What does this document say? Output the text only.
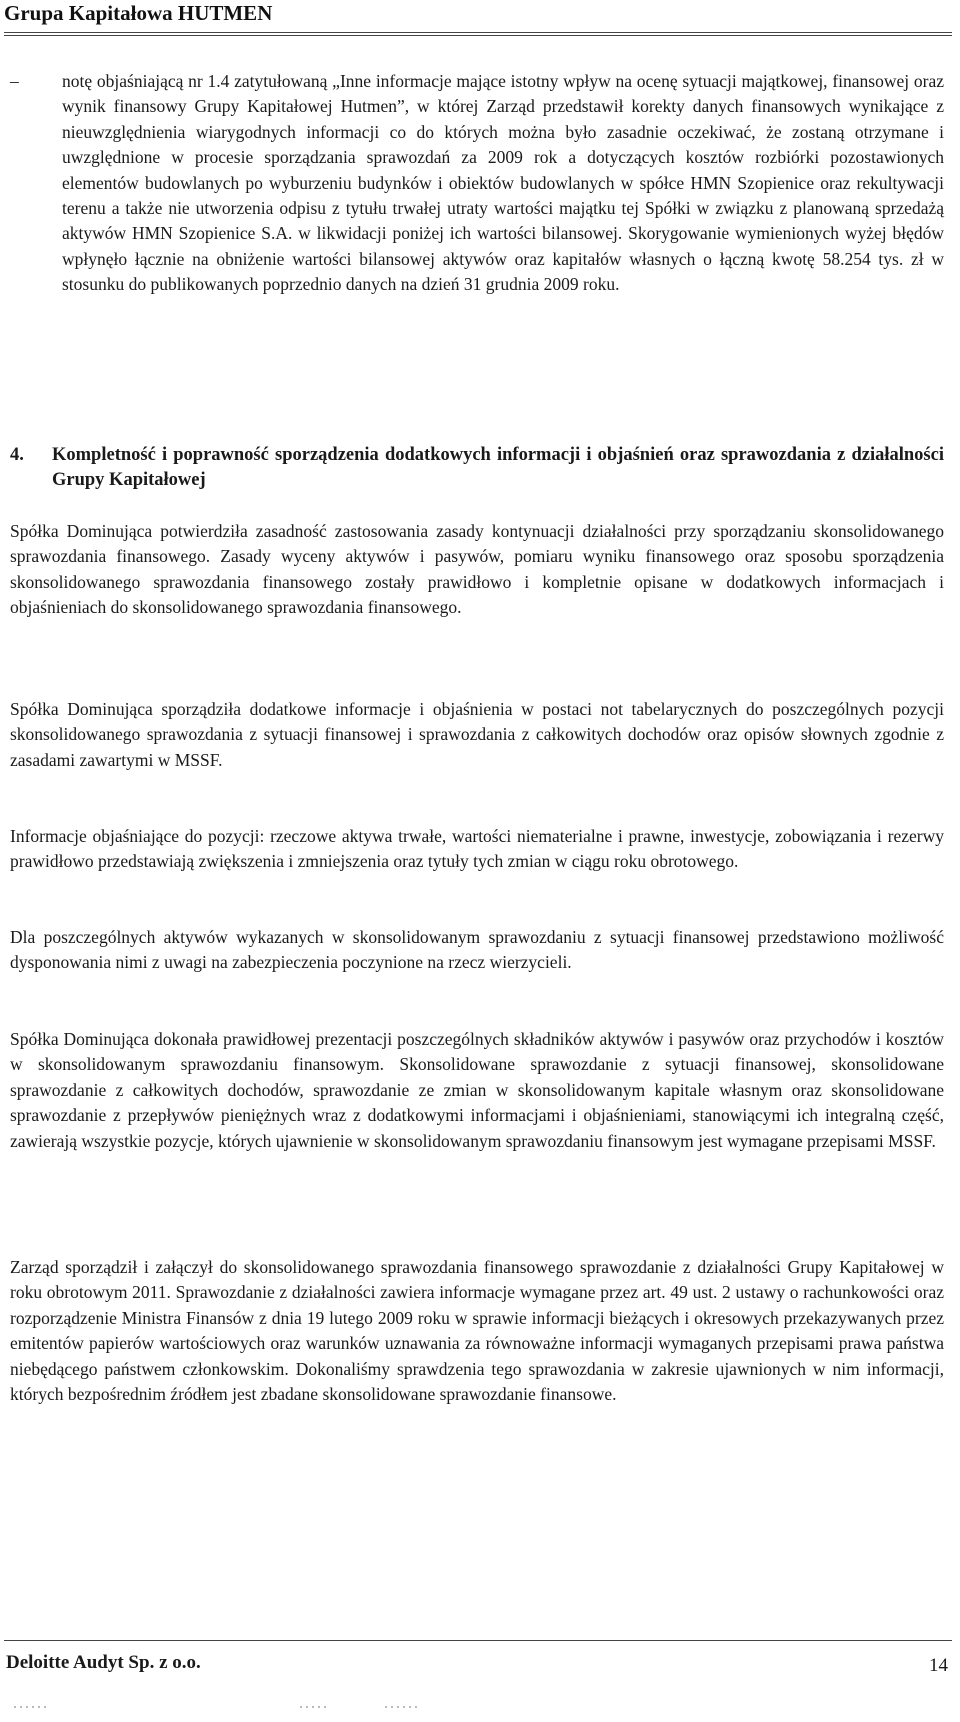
Grupa Kapitałowa HUTMEN
– notę objaśniającą nr 1.4 zatytułowaną „Inne informacje mające istotny wpływ na ocenę sytuacji majątkowej, finansowej oraz wynik finansowy Grupy Kapitałowej Hutmen”, w której Zarząd przedstawił korekty danych finansowych wynikające z nieuwzględnienia wiarygodnych informacji co do których można było zasadnie oczekiwać, że zostaną otrzymane i uwzględnione w procesie sporządzania sprawozdań za 2009 rok a dotyczących kosztów rozbiórki pozostawionych elementów budowlanych po wyburzeniu budynków i obiektów budowlanych w spółce HMN Szopienice oraz rekultywacji terenu a także nie utworzenia odpisu z tytułu trwałej utraty wartości majątku tej Spółki w związku z planowaną sprzedażą aktywów HMN Szopienice S.A. w likwidacji poniżej ich wartości bilansowej. Skorygowanie wymienionych wyżej błędów wpłynęło łącznie na obniżenie wartości bilansowej aktywów oraz kapitałów własnych o łączną kwotę 58.254 tys. zł w stosunku do publikowanych poprzednio danych na dzień 31 grudnia 2009 roku.

4. Kompletność i poprawność sporządzenia dodatkowych informacji i objaśnień oraz sprawozdania z działalności Grupy Kapitałowej

Spółka Dominująca potwierdziła zasadność zastosowania zasady kontynuacji działalności przy sporządzaniu skonsolidowanego sprawozdania finansowego. Zasady wyceny aktywów i pasywów, pomiaru wyniku finansowego oraz sposobu sporządzenia skonsolidowanego sprawozdania finansowego zostały prawidłowo i kompletnie opisane w dodatkowych informacjach i objaśnieniach do skonsolidowanego sprawozdania finansowego.

Spółka Dominująca sporządziła dodatkowe informacje i objaśnienia w postaci not tabelarycznych do poszczególnych pozycji skonsolidowanego sprawozdania z sytuacji finansowej i sprawozdania z całkowitych dochodów oraz opisów słownych zgodnie z zasadami zawartymi w MSSF.

Informacje objaśniające do pozycji: rzeczowe aktywa trwałe, wartości niematerialne i prawne, inwestycje, zobowiązania i rezerwy prawidłowo przedstawiają zwiększenia i zmniejszenia oraz tytuły tych zmian w ciągu roku obrotowego.

Dla poszczególnych aktywów wykazanych w skonsolidowanym sprawozdaniu z sytuacji finansowej przedstawiono możliwość dysponowania nimi z uwagi na zabezpieczenia poczynione na rzecz wierzycieli.

Spółka Dominująca dokonała prawidłowej prezentacji poszczególnych składników aktywów i pasywów oraz przychodów i kosztów w skonsolidowanym sprawozdaniu finansowym. Skonsolidowane sprawozdanie z sytuacji finansowej, skonsolidowane sprawozdanie z całkowitych dochodów, sprawozdanie ze zmian w skonsolidowanym kapitale własnym oraz skonsolidowane sprawozdanie z przepływów pieniężnych wraz z dodatkowymi informacjami i objaśnieniami, stanowiącymi ich integralną część, zawierają wszystkie pozycje, których ujawnienie w skonsolidowanym sprawozdaniu finansowym jest wymagane przepisami MSSF.

Zarząd sporządził i załączył do skonsolidowanego sprawozdania finansowego sprawozdanie z działalności Grupy Kapitałowej w roku obrotowym 2011. Sprawozdanie z działalności zawiera informacje wymagane przez art. 49 ust. 2 ustawy o rachunkowości oraz rozporządzenie Ministra Finansów z dnia 19 lutego 2009 roku w sprawie informacji bieżących i okresowych przekazywanych przez emitentów papierów wartościowych oraz warunków uznawania za równoważne informacji wymaganych przepisami prawa państwa niebędącego państwem członkowskim. Dokonaliśmy sprawdzenia tego sprawozdania w zakresie ujawnionych w nim informacji, których bezpośrednim źródłem jest zbadane skonsolidowane sprawozdanie finansowe.

Deloitte Audyt Sp. z o.o.	14
